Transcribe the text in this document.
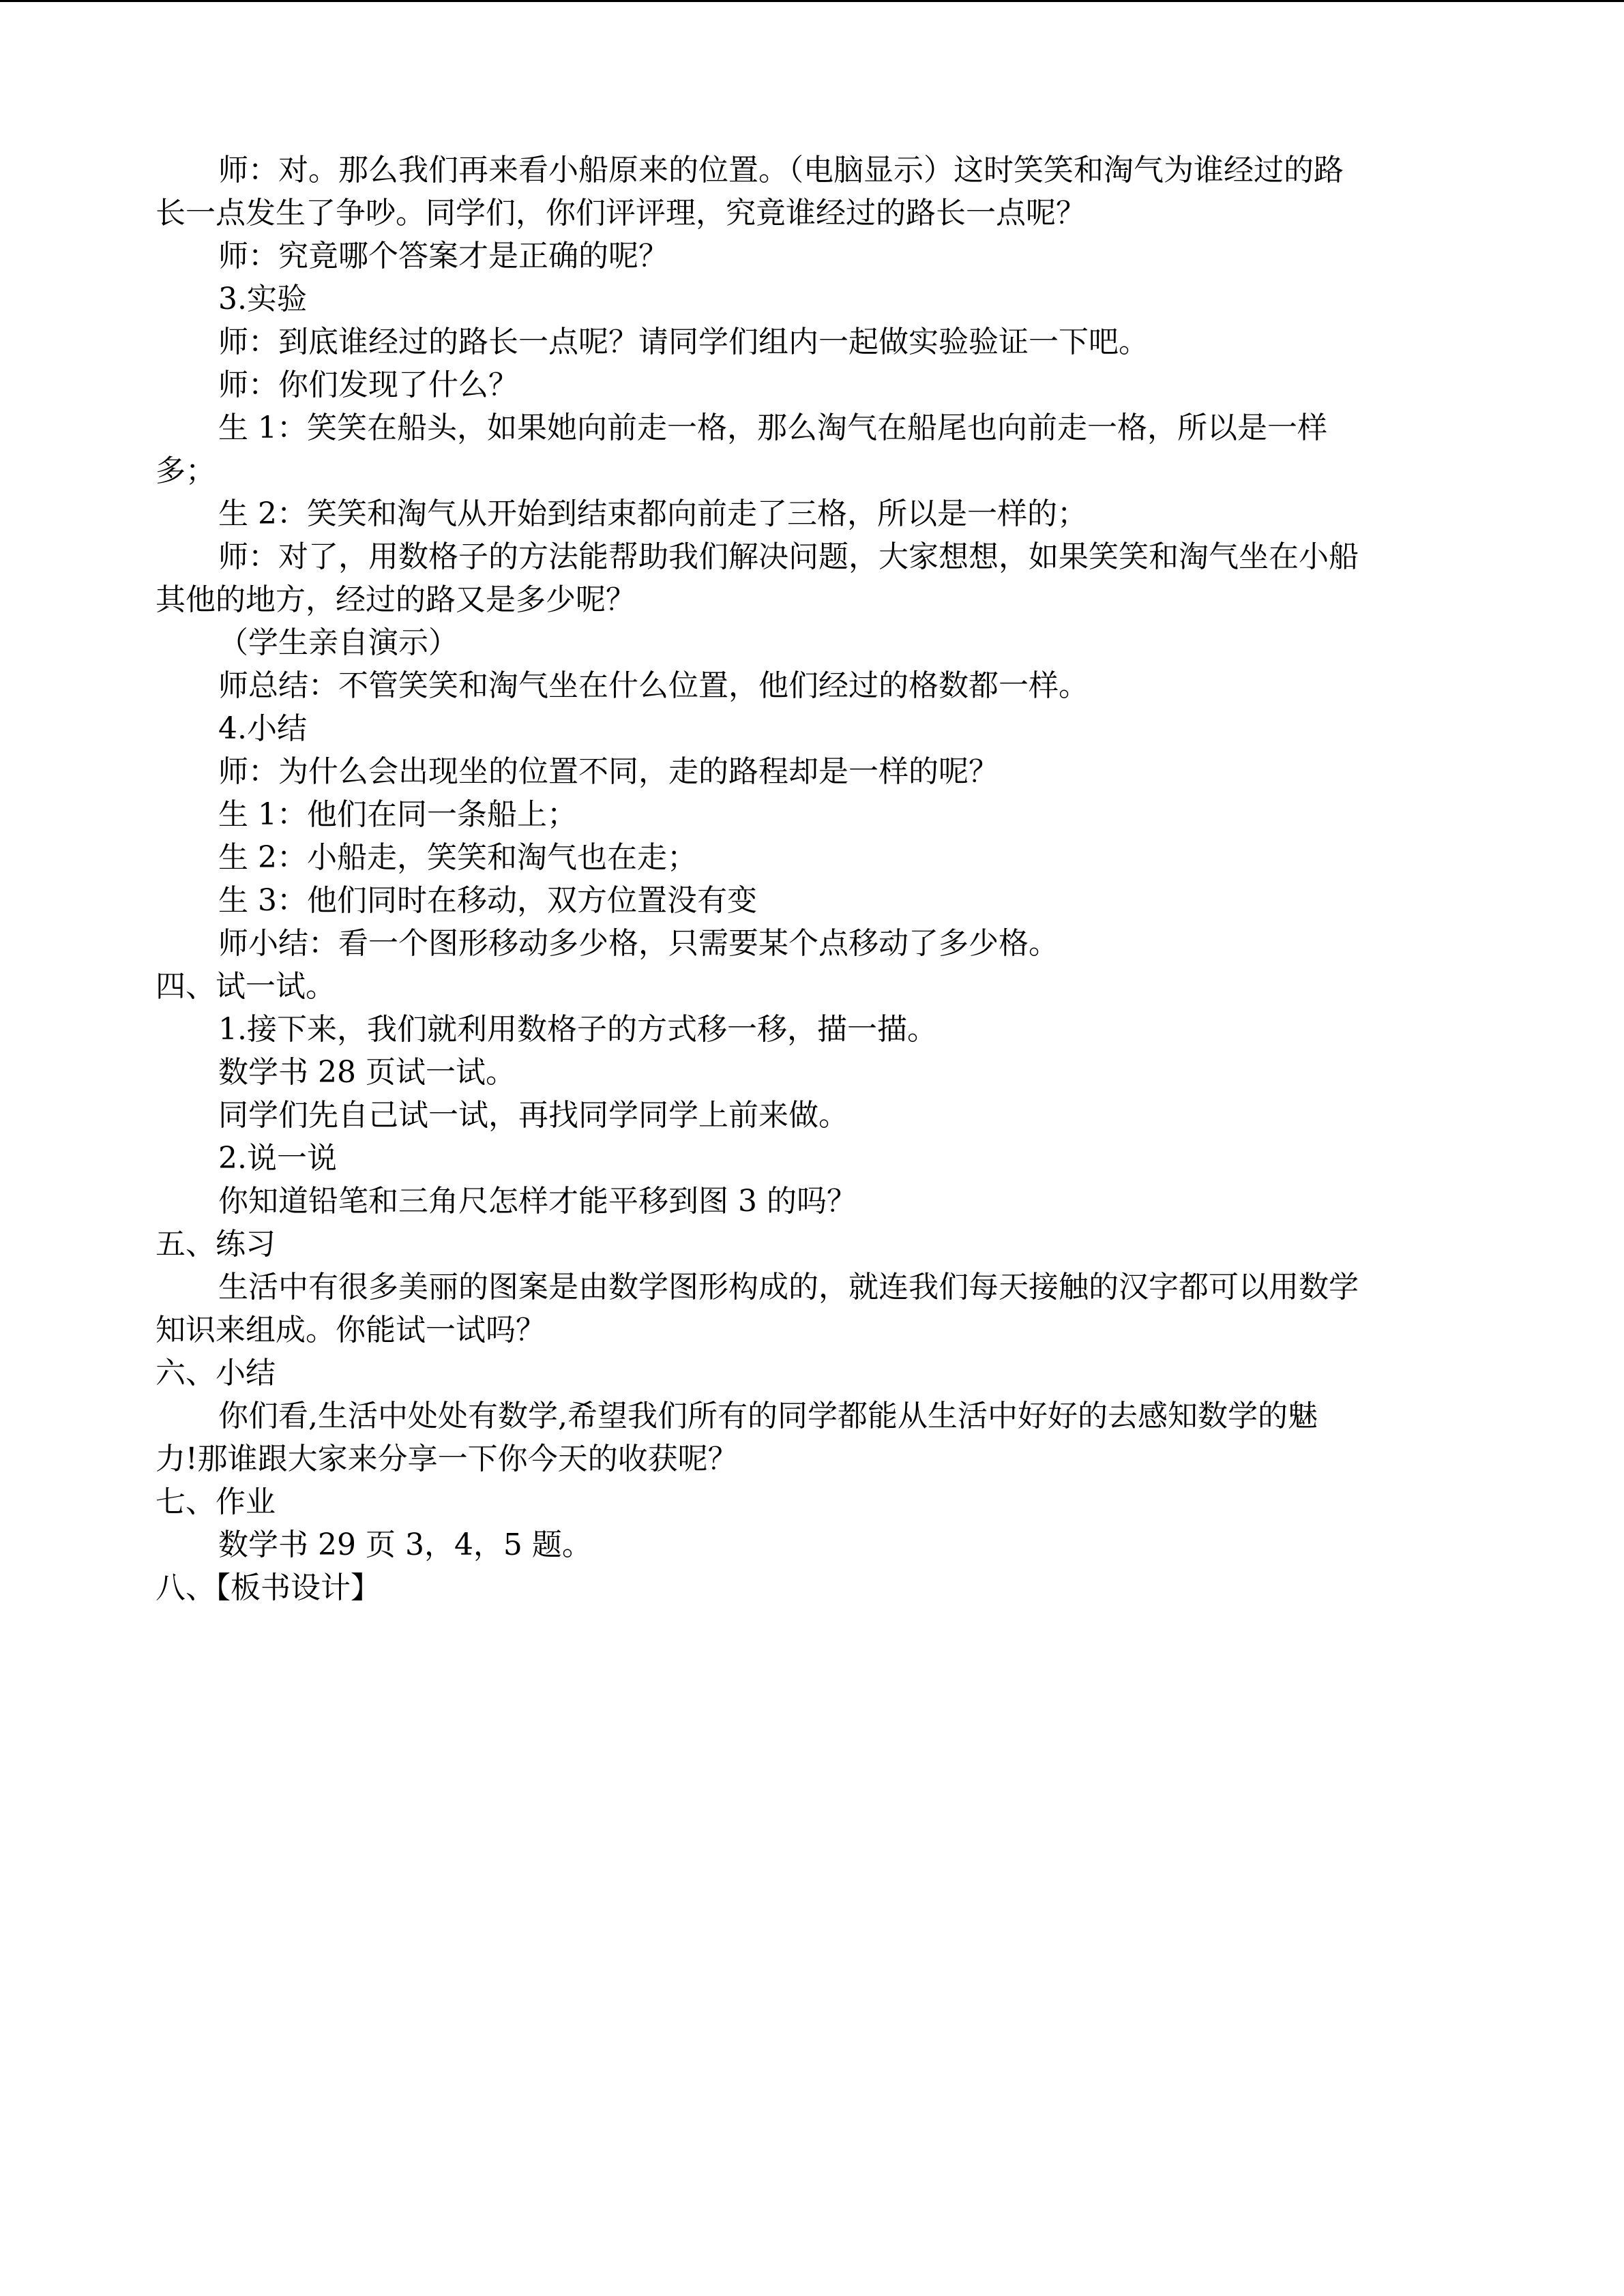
师：对。那么我们再来看小船原来的位置。（电脑显示）这时笑笑和淘气为谁经过的路
长一点发生了争吵。同学们，你们评评理，究竟谁经过的路长一点呢？
师：究竟哪个答案才是正确的呢？
3.实验
师：到底谁经过的路长一点呢？请同学们组内一起做实验验证一下吧。
师：你们发现了什么？
生 1：笑笑在船头，如果她向前走一格，那么淘气在船尾也向前走一格，所以是一样
多；
生 2：笑笑和淘气从开始到结束都向前走了三格，所以是一样的；
师：对了，用数格子的方法能帮助我们解决问题，大家想想，如果笑笑和淘气坐在小船
其他的地方，经过的路又是多少呢？
（学生亲自演示）
师总结：不管笑笑和淘气坐在什么位置，他们经过的格数都一样。
4.小结
师：为什么会出现坐的位置不同，走的路程却是一样的呢？
生 1：他们在同一条船上；
生 2：小船走，笑笑和淘气也在走；
生 3：他们同时在移动，双方位置没有变
师小结：看一个图形移动多少格，只需要某个点移动了多少格。
四、试一试。
1.接下来，我们就利用数格子的方式移一移，描一描。
数学书 28 页试一试。
同学们先自己试一试，再找同学同学上前来做。
2.说一说
你知道铅笔和三角尺怎样才能平移到图 3 的吗？
五、练习
生活中有很多美丽的图案是由数学图形构成的，就连我们每天接触的汉字都可以用数学
知识来组成。你能试一试吗？
六、小结
你们看,生活中处处有数学,希望我们所有的同学都能从生活中好好的去感知数学的魅
力!那谁跟大家来分享一下你今天的收获呢？
七、作业
数学书 29 页 3，4，5 题。
八、【板书设计】
